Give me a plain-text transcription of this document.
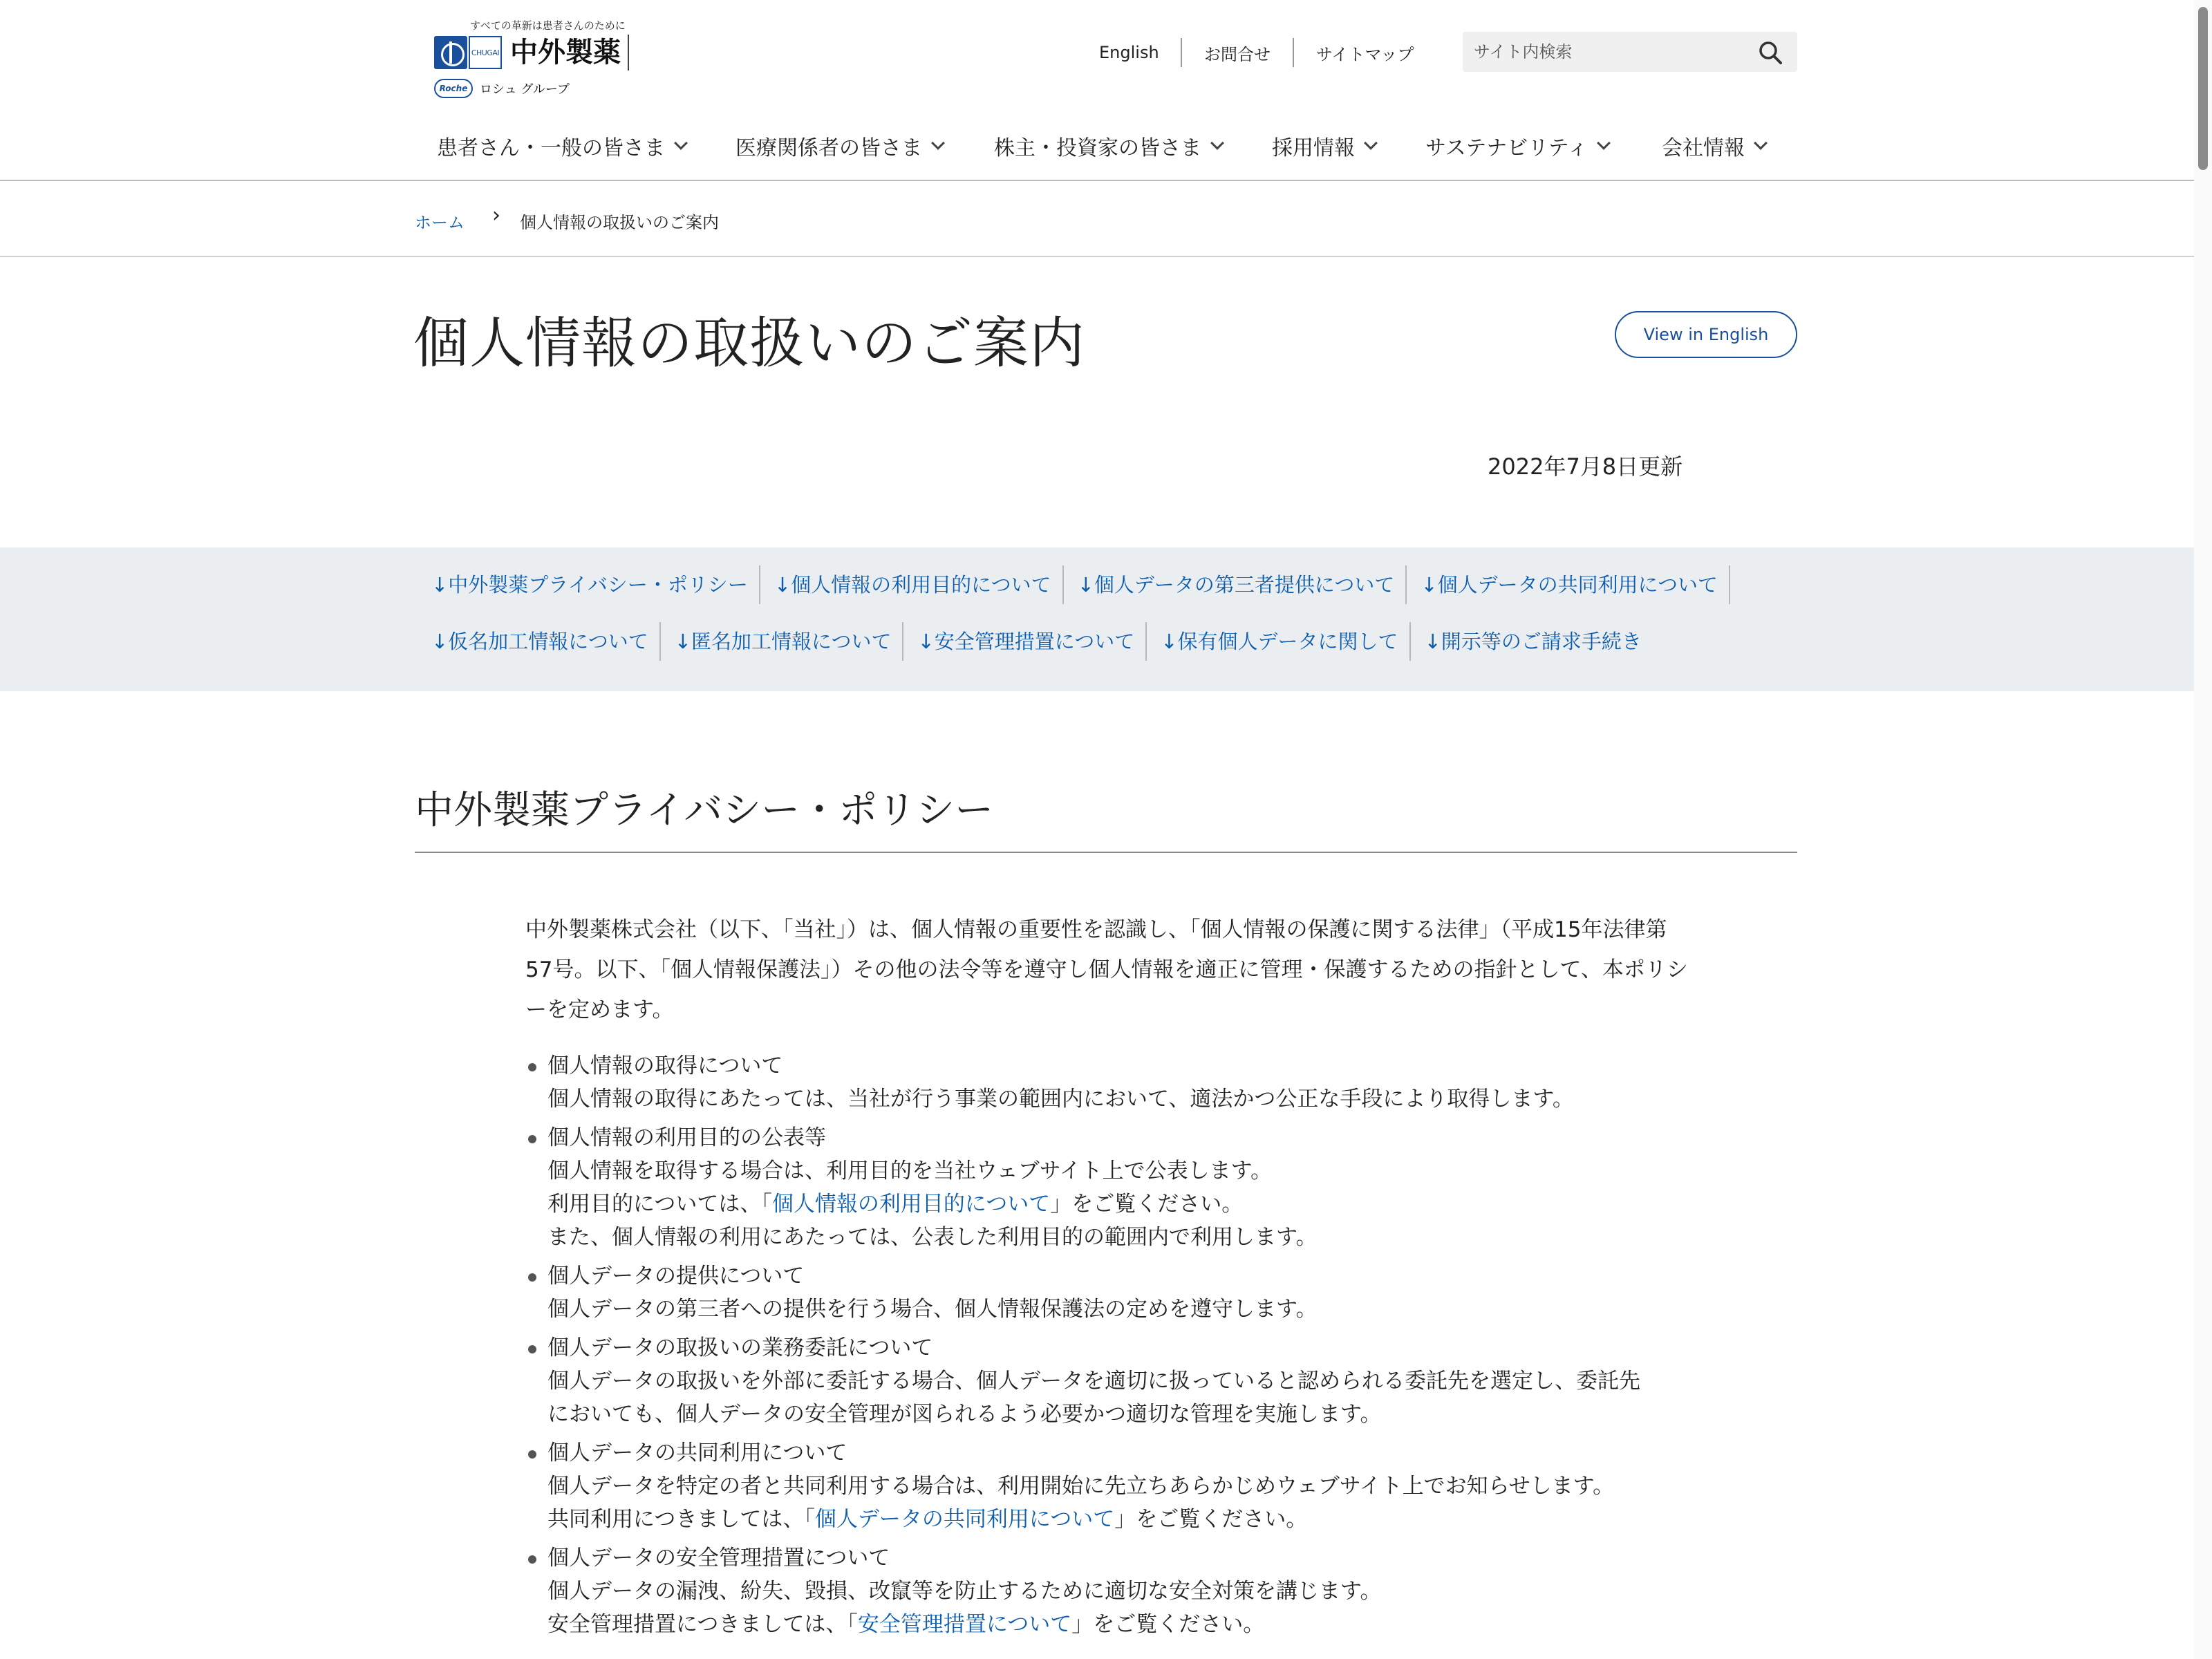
すべての革新は患者さんのために
CHUGAI 中外製薬
Roche ロシュ グループ
English	お問合せ	サイトマップ
サイト内検索
患者さん・一般の皆さま	医療関係者の皆さま	株主・投資家の皆さま	採用情報	サステナビリティ	会社情報
ホーム › 個人情報の取扱いのご案内
個人情報の取扱いのご案内	View in English
2022年7月8日更新
↓中外製薬プライバシー・ポリシー	↓個人情報の利用目的について	↓個人データの第三者提供について	↓個人データの共同利用について
↓仮名加工情報について	↓匿名加工情報について	↓安全管理措置について	↓保有個人データに関して	↓開示等のご請求手続き
中外製薬プライバシー・ポリシー

中外製薬株式会社（以下、「当社」）は、個人情報の重要性を認識し、「個人情報の保護に関する法律」（平成15年法律第57号。以下、「個人情報保護法」）その他の法令等を遵守し個人情報を適正に管理・保護するための指針として、本ポリシーを定めます。

個人情報の取得について
個人情報の取得にあたっては、当社が行う事業の範囲内において、適法かつ公正な手段により取得します。
個人情報の利用目的の公表等
個人情報を取得する場合は、利用目的を当社ウェブサイト上で公表します。
利用目的については、「個人情報の利用目的について」をご覧ください。
また、個人情報の利用にあたっては、公表した利用目的の範囲内で利用します。
個人データの提供について
個人データの第三者への提供を行う場合、個人情報保護法の定めを遵守します。
個人データの取扱いの業務委託について
個人データの取扱いを外部に委託する場合、個人データを適切に扱っていると認められる委託先を選定し、委託先
においても、個人データの安全管理が図られるよう必要かつ適切な管理を実施します。
個人データの共同利用について
個人データを特定の者と共同利用する場合は、利用開始に先立ちあらかじめウェブサイト上でお知らせします。
共同利用につきましては、「個人データの共同利用について」をご覧ください。
個人データの安全管理措置について
個人データの漏洩、紛失、毀損、改竄等を防止するために適切な安全対策を講じます。
安全管理措置につきましては、「安全管理措置について」をご覧ください。
